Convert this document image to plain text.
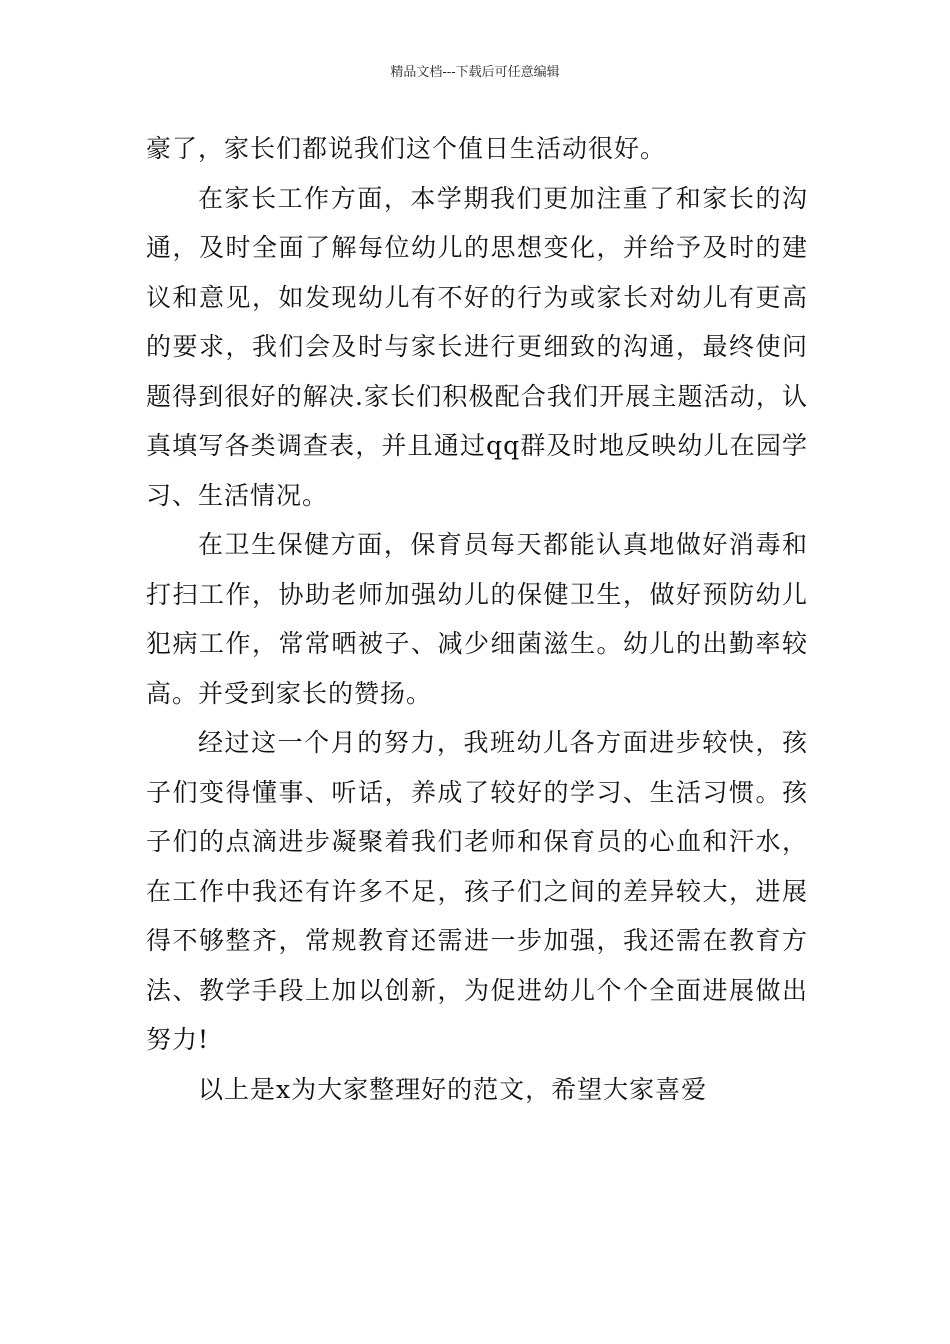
精品文档---下载后可任意编辑

豪了，家长们都说我们这个值日生活动很好。

在家长工作方面，本学期我们更加注重了和家长的沟通，及时全面了解每位幼儿的思想变化，并给予及时的建议和意见，如发现幼儿有不好的行为或家长对幼儿有更高的要求，我们会及时与家长进行更细致的沟通，最终使问题得到很好的解决.家长们积极配合我们开展主题活动，认真填写各类调查表，并且通过qq群及时地反映幼儿在园学习、生活情况。

在卫生保健方面，保育员每天都能认真地做好消毒和打扫工作，协助老师加强幼儿的保健卫生，做好预防幼儿犯病工作，常常晒被子、减少细菌滋生。幼儿的出勤率较高。并受到家长的赞扬。

经过这一个月的努力，我班幼儿各方面进步较快，孩子们变得懂事、听话，养成了较好的学习、生活习惯。孩子们的点滴进步凝聚着我们老师和保育员的心血和汗水，在工作中我还有许多不足，孩子们之间的差异较大，进展得不够整齐，常规教育还需进一步加强，我还需在教育方法、教学手段上加以创新，为促进幼儿个个全面进展做出努力!

以上是x为大家整理好的范文，希望大家喜爱
